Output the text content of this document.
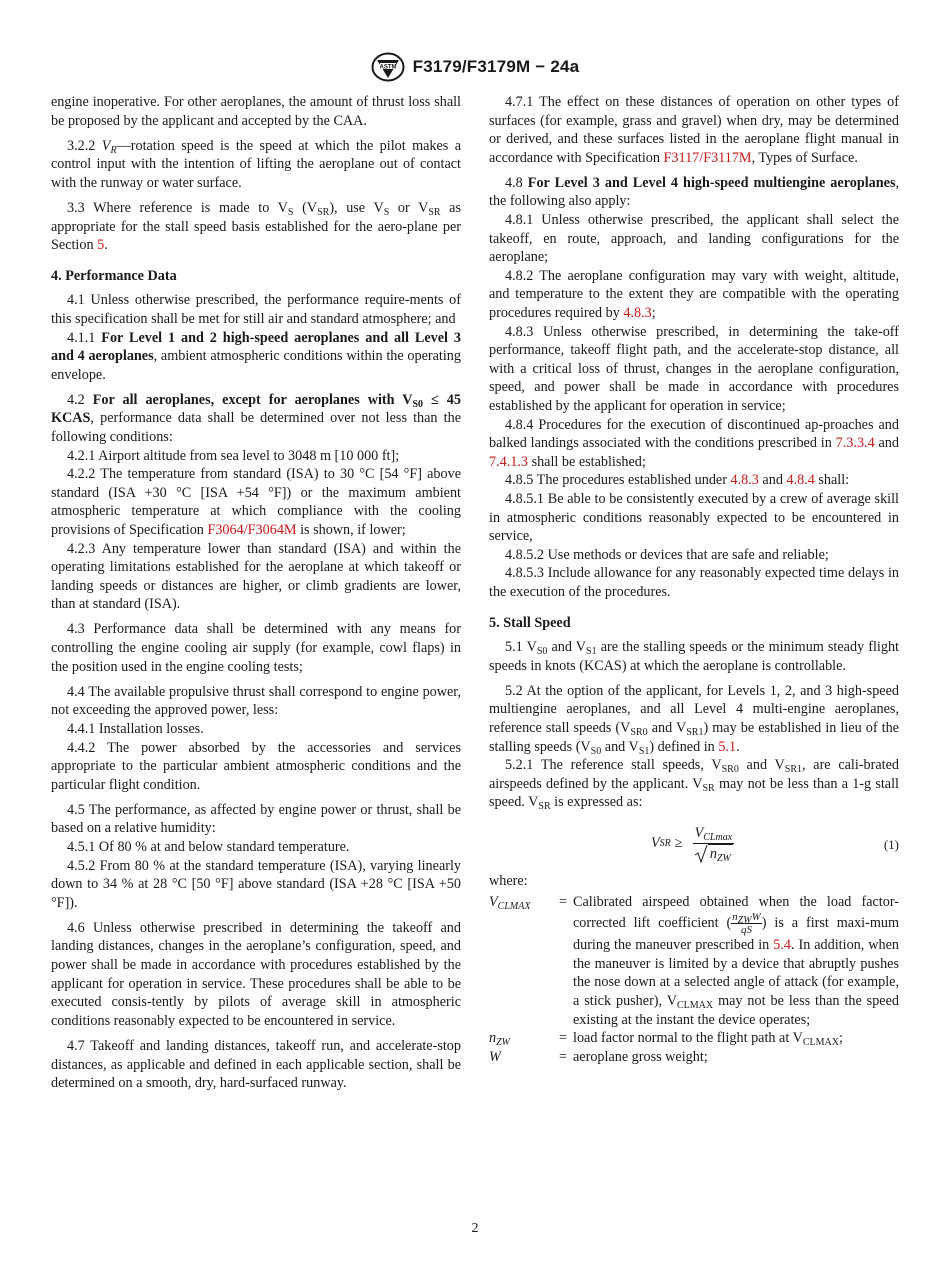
ASTM F3179/F3179M − 24a

engine inoperative. For other aeroplanes, the amount of thrust loss shall be proposed by the applicant and accepted by the CAA.

3.2.2 $V_R—rotation$ speed is the speed at which the pilot makes a control input with the intention of lifting the aeroplane out of contact with the runway or water surface.

3.3 Where reference is made to $V_S$ $(V_{SR})$, use $V_S$ or $V_{SR}$ as appropriate for the stall speed basis established for the aero-plane per Section 5.

4. Performance Data

4.1 Unless otherwise prescribed, the performance require-ments of this specification shall be met for still air and standard atmosphere; and

4.1.1 For Level 1 and 2 high-speed aeroplanes and all Level 3 and 4 aeroplanes, ambient atmospheric conditions within the operating envelope.

4.2 For all aeroplanes, except for aeroplanes with $V_{S0} \le 45$ KCAS, performance data shall be determined over not less than the following conditions:

4.2.1 Airport altitude from sea level to 3048 m [10 000 ft];

4.2.2 The temperature from standard (ISA) to 30 °C [54 °F] above standard (ISA +30 °C [ISA +54 °F]) or the maximum ambient atmospheric temperature at which compliance with the cooling provisions of Specification F3064/F3064M is shown, if lower;

4.2.3 Any temperature lower than standard (ISA) and within the operating limitations established for the aeroplane at which takeoff or landing speeds or distances are higher, or climb gradients are lower, than at standard (ISA).

4.3 Performance data shall be determined with any means for controlling the engine cooling air supply (for example, cowl flaps) in the position used in the engine cooling tests;

4.4 The available propulsive thrust shall correspond to engine power, not exceeding the approved power, less:

4.4.1 Installation losses.

4.4.2 The power absorbed by the accessories and services appropriate to the particular ambient atmospheric conditions and the particular flight condition.

4.5 The performance, as affected by engine power or thrust, shall be based on a relative humidity:

4.5.1 Of 80 % at and below standard temperature.

4.5.2 From 80 % at the standard temperature (ISA), varying linearly down to 34 % at 28 °C [50 °F] above standard (ISA +28 °C [ISA +50 °F]).

4.6 Unless otherwise prescribed in determining the takeoff and landing distances, changes in the aeroplane’s configuration, speed, and power shall be made in accordance with procedures established by the applicant for operation in service. These procedures shall be able to be executed consis-tently by pilots of average skill in atmospheric conditions reasonably expected to be encountered in service.

4.7 Takeoff and landing distances, takeoff run, and accelerate-stop distances, as applicable and defined in each applicable section, shall be determined on a smooth, dry, hard-surfaced runway.

4.7.1 The effect on these distances of operation on other types of surfaces (for example, grass and gravel) when dry, may be determined or derived, and these surfaces listed in the aeroplane flight manual in accordance with Specification F3117/F3117M, Types of Surface.

4.8 For Level 3 and Level 4 high-speed multiengine aeroplanes, the following also apply:

4.8.1 Unless otherwise prescribed, the applicant shall select the takeoff, en route, approach, and landing configurations for the aeroplane;

4.8.2 The aeroplane configuration may vary with weight, altitude, and temperature to the extent they are compatible with the operating procedures required by 4.8.3;

4.8.3 Unless otherwise prescribed, in determining the take-off performance, takeoff flight path, and the accelerate-stop distance, all with a critical loss of thrust, changes in the aeroplane configuration, speed, and power shall be made in accordance with procedures established by the applicant for operation in service;

4.8.4 Procedures for the execution of discontinued ap-proaches and balked landings associated with the conditions prescribed in 7.3.3.4 and 7.4.1.3 shall be established;

4.8.5 The procedures established under 4.8.3 and 4.8.4 shall:

4.8.5.1 Be able to be consistently executed by a crew of average skill in atmospheric conditions reasonably expected to be encountered in service,

4.8.5.2 Use methods or devices that are safe and reliable;

4.8.5.3 Include allowance for any reasonably expected time delays in the execution of the procedures.

5. Stall Speed

5.1 $V_{S0}$ and $V_{S1}$ are the stalling speeds or the minimum steady flight speeds in knots (KCAS) at which the aeroplane is controllable.

5.2 At the option of the applicant, for Levels 1, 2, and 3 high-speed multiengine aeroplanes, and all Level 4 multi-engine aeroplanes, reference stall speeds ($V_{SR0}$ and $V_{SR1}$) may be established in lieu of the stalling speeds ($V_{S0}$ and $V_{S1}$) defined in 5.1.

5.2.1 The reference stall speeds, $V_{SR0}$ and $V_{SR1}$, are cali-brated airspeeds defined by the applicant. $V_{SR}$ may not be less than a 1-g stall speed. $V_{SR}$ is expressed as:

V SR ≥ $\frac{V_{CLmax}}{n_{ZW}}$	(1)

where:

$V_{CLMAX}$	= Calibrated airspeed obtained when the load factor-corrected lift coefficient ( $\frac{n_{ZW}W}{qS}$ ) is a first maxi-mum during the maneuver prescribed in 5.4. In addition, when the maneuver is limited by a device that abruptly pushes the nose down at a selected angle of attack (for example, a stick pusher), $V_{CLMAX}$ may not be less than the speed existing at the instant the device operates;
$n_{ZW}$	= load factor normal to the flight path at $V_{CLMAX}$;
W	= aeroplane gross weight;
2
